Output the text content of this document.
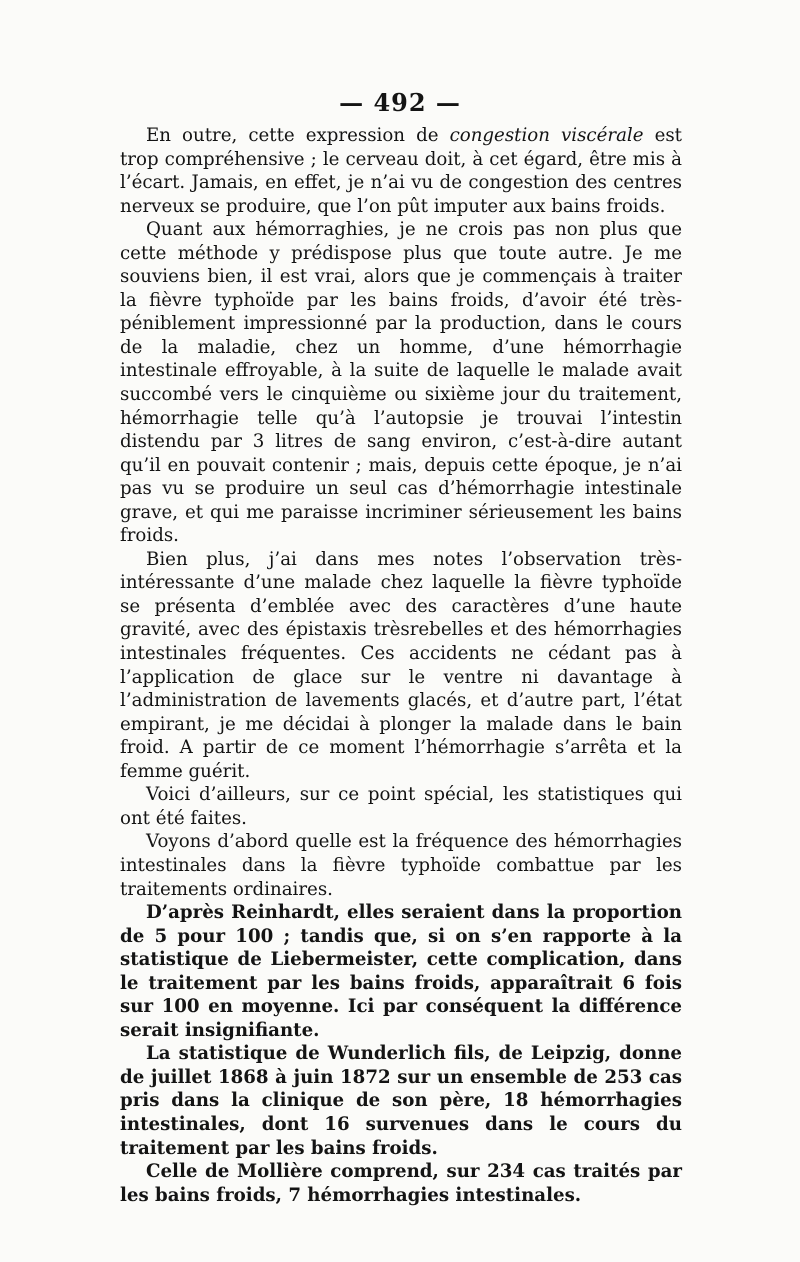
— 492 —

En outre, cette expression de congestion viscérale est trop compréhensive ; le cerveau doit, à cet égard, être mis à l’écart. Jamais, en effet, je n’ai vu de congestion des centres nerveux se produire, que l’on pût imputer aux bains froids.

Quant aux hémorraghies, je ne crois pas non plus que cette méthode y prédispose plus que toute autre. Je me souviens bien, il est vrai, alors que je commençais à traiter la fièvre typhoïde par les bains froids, d’avoir été très-péniblement impressionné par la production, dans le cours de la maladie, chez un homme, d’une hémorrhagie intestinale effroyable, à la suite de laquelle le malade avait succombé vers le cinquième ou sixième jour du traitement, hémorrhagie telle qu’à l’autopsie je trouvai l’intestin distendu par 3 litres de sang environ, c’est-à-dire autant qu’il en pouvait contenir ; mais, depuis cette époque, je n’ai pas vu se produire un seul cas d’hémorrhagie intestinale grave, et qui me paraisse incriminer sérieusement les bains froids.

Bien plus, j’ai dans mes notes l’observation très-intéressante d’une malade chez laquelle la fièvre typhoïde se présenta d’emblée avec des caractères d’une haute gravité, avec des épistaxis trèsrebelles et des hémorrhagies intestinales fréquentes. Ces accidents ne cédant pas à l’application de glace sur le ventre ni davantage à l’administration de lavements glacés, et d’autre part, l’état empirant, je me décidai à plonger la malade dans le bain froid. A partir de ce moment l’hémorrhagie s’arrêta et la femme guérit.

Voici d’ailleurs, sur ce point spécial, les statistiques qui ont été faites.

Voyons d’abord quelle est la fréquence des hémorrhagies intestinales dans la fièvre typhoïde combattue par les traitements ordinaires.

D’après Reinhardt, elles seraient dans la proportion de 5 pour 100 ; tandis que, si on s’en rapporte à la statistique de Liebermeister, cette complication, dans le traitement par les bains froids, apparaîtrait 6 fois sur 100 en moyenne. Ici par conséquent la différence serait insignifiante.

La statistique de Wunderlich fils, de Leipzig, donne de juillet 1868 à juin 1872 sur un ensemble de 253 cas pris dans la clinique de son père, 18 hémorrhagies intestinales, dont 16 survenues dans le cours du traitement par les bains froids.

Celle de Mollière comprend, sur 234 cas traités par les bains froids, 7 hémorrhagies intestinales.
